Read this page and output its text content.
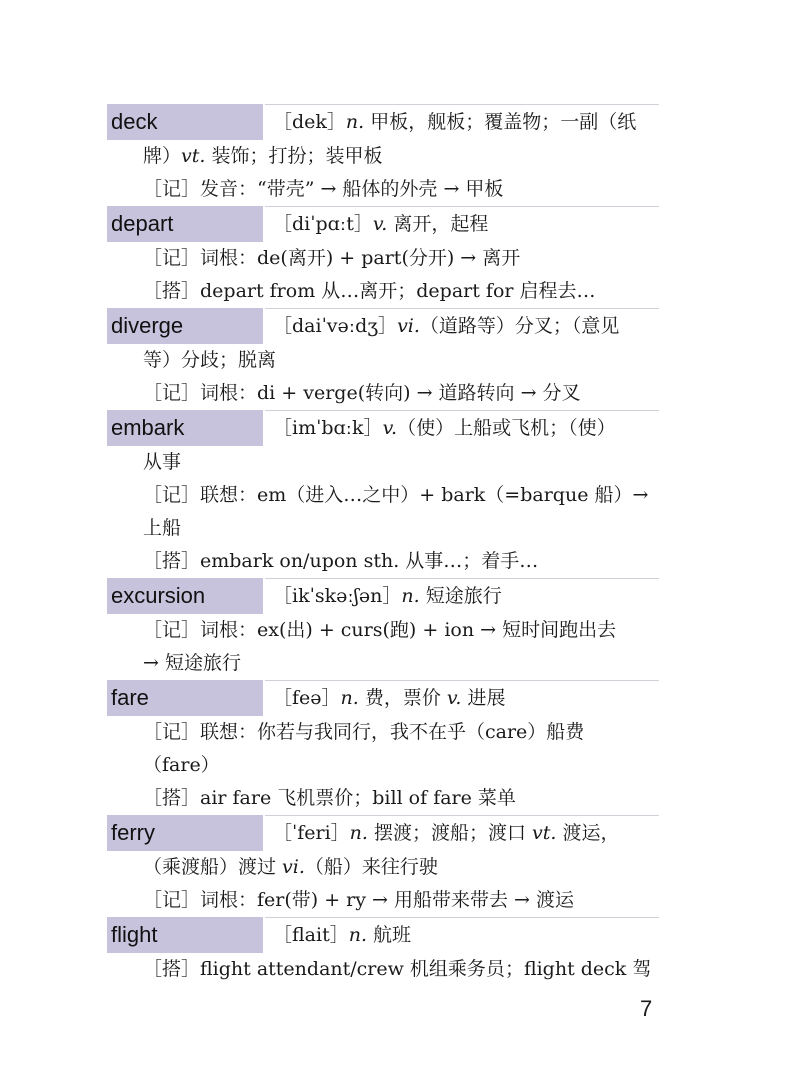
deck	［dek］n. 甲板，舰板；覆盖物；一副（纸
牌）vt. 装饰；打扮；装甲板
［记］发音：“带壳” → 船体的外壳 → 甲板
depart	［diˈpɑːt］v. 离开，起程
［记］词根：de(离开) + part(分开) → 离开
［搭］depart from 从…离开；depart for 启程去…
diverge	［daiˈvəːdʒ］vi.（道路等）分叉；（意见
等）分歧；脱离
［记］词根：di + verge(转向) → 道路转向 → 分叉
embark	［imˈbɑːk］v.（使）上船或飞机；（使）
从事
［记］联想：em（进入…之中）+ bark（=barque 船）→
上船
［搭］embark on/upon sth. 从事…；着手…
excursion	［ikˈskəːʃən］n. 短途旅行
［记］词根：ex(出) + curs(跑) + ion → 短时间跑出去
→ 短途旅行
fare	［feə］n. 费，票价 v. 进展
［记］联想：你若与我同行，我不在乎（care）船费
（fare）
［搭］air fare 飞机票价；bill of fare 菜单
ferry	［ˈferi］n. 摆渡；渡船；渡口 vt. 渡运，
（乘渡船）渡过 vi.（船）来往行驶
［记］词根：fer(带) + ry → 用船带来带去 → 渡运
flight	［flait］n. 航班
［搭］flight attendant/crew 机组乘务员；flight deck 驾
7
